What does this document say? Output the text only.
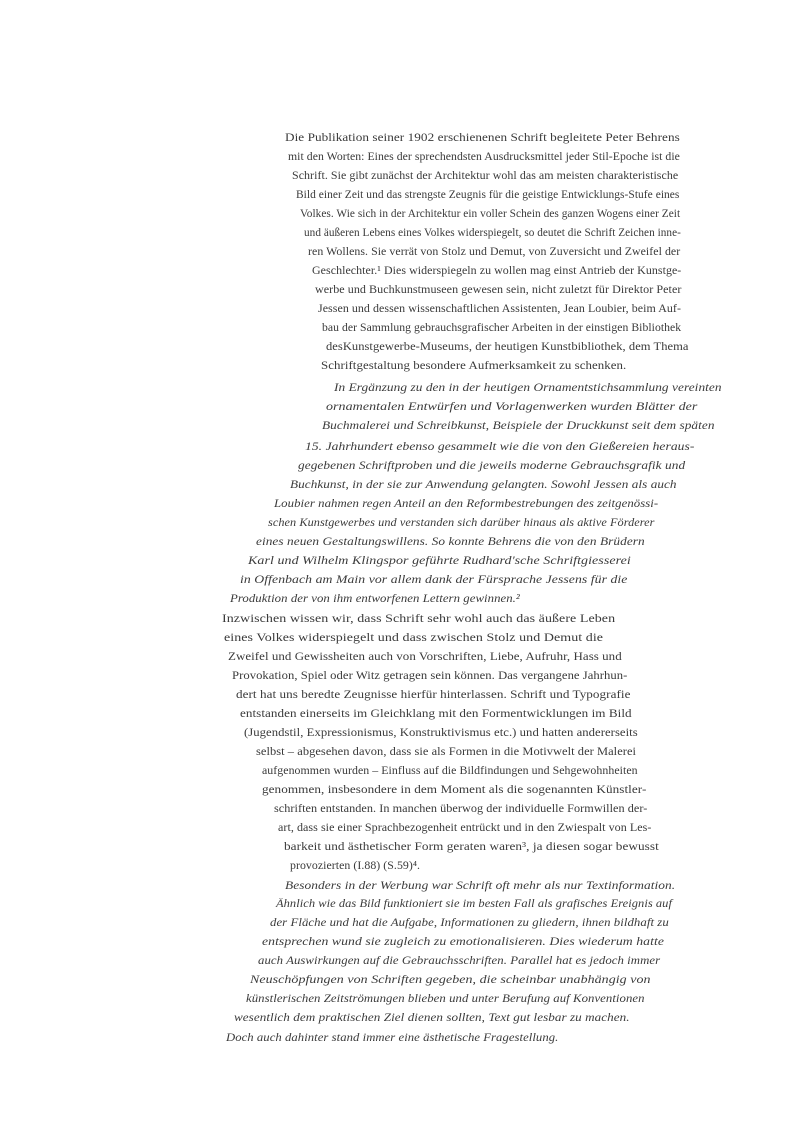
Die Publikation seiner 1902 erschienenen Schrift begleitete Peter Behrens
mit den Worten: Eines der sprechendsten Ausdrucksmittel jeder Stil-Epoche ist die
Schrift. Sie gibt zunächst der Architektur wohl das am meisten charakteristische
Bild einer Zeit und das strengste Zeugnis für die geistige Entwicklungs-Stufe eines
Volkes. Wie sich in der Architektur ein voller Schein des ganzen Wogens einer Zeit
und äußeren Lebens eines Volkes widerspiegelt, so deutet die Schrift Zeichen inne-
ren Wollens. Sie verrät von Stolz und Demut, von Zuversicht und Zweifel der
Geschlechter.¹ Dies widerspiegeln zu wollen mag einst Antrieb der Kunstge-
werbe und Buchkunstmuseen gewesen sein, nicht zuletzt für Direktor Peter
Jessen und dessen wissenschaftlichen Assistenten, Jean Loubier, beim Auf-
bau der Sammlung gebrauchsgrafischer Arbeiten in der einstigen Bibliothek
desKunstgewerbe-Museums, der heutigen Kunstbibliothek, dem Thema
Schriftgestaltung besondere Aufmerksamkeit zu schenken.
In Ergänzung zu den in der heutigen Ornamentstichsammlung vereinten
ornamentalen Entwürfen und Vorlagenwerken wurden Blätter der
Buchmalerei und Schreibkunst, Beispiele der Druckkunst seit dem späten
15. Jahrhundert ebenso gesammelt wie die von den Gießereien heraus-
gegebenen Schriftproben und die jeweils moderne Gebrauchsgrafik und
Buchkunst, in der sie zur Anwendung gelangten. Sowohl Jessen als auch
Loubier nahmen regen Anteil an den Reformbestrebungen des zeitgenössi-
schen Kunstgewerbes und verstanden sich darüber hinaus als aktive Förderer
eines neuen Gestaltungswillens. So konnte Behrens die von den Brüdern
Karl und Wilhelm Klingspor geführte Rudhard'sche Schriftgiesserei
in Offenbach am Main vor allem dank der Fürsprache Jessens für die
Produktion der von ihm entworfenen Lettern gewinnen.²
Inzwischen wissen wir, dass Schrift sehr wohl auch das äußere Leben
eines Volkes widerspiegelt und dass zwischen Stolz und Demut die
Zweifel und Gewissheiten auch von Vorschriften, Liebe, Aufruhr, Hass und
Provokation, Spiel oder Witz getragen sein können. Das vergangene Jahrhun-
dert hat uns beredte Zeugnisse hierfür hinterlassen. Schrift und Typografie
entstanden einerseits im Gleichklang mit den Formentwicklungen im Bild
(Jugendstil, Expressionismus, Konstruktivismus etc.) und hatten andererseits
selbst – abgesehen davon, dass sie als Formen in die Motivwelt der Malerei
aufgenommen wurden – Einfluss auf die Bildfindungen und Sehgewohnheiten
genommen, insbesondere in dem Moment als die sogenannten Künstler-
schriften entstanden. In manchen überwog der individuelle Formwillen der-
art, dass sie einer Sprachbezogenheit entrückt und in den Zwiespalt von Les-
barkeit und ästhetischer Form geraten waren³, ja diesen sogar bewusst
provozierten (I.88) (S.59)⁴.
Besonders in der Werbung war Schrift oft mehr als nur Textinformation.
Ähnlich wie das Bild funktioniert sie im besten Fall als grafisches Ereignis auf
der Fläche und hat die Aufgabe, Informationen zu gliedern, ihnen bildhaft zu
entsprechen wund sie zugleich zu emotionalisieren. Dies wiederum hatte
auch Auswirkungen auf die Gebrauchsschriften. Parallel hat es jedoch immer
Neuschöpfungen von Schriften gegeben, die scheinbar unabhängig von
künstlerischen Zeitströmungen blieben und unter Berufung auf Konventionen
wesentlich dem praktischen Ziel dienen sollten, Text gut lesbar zu machen.
Doch auch dahinter stand immer eine ästhetische Fragestellung.
